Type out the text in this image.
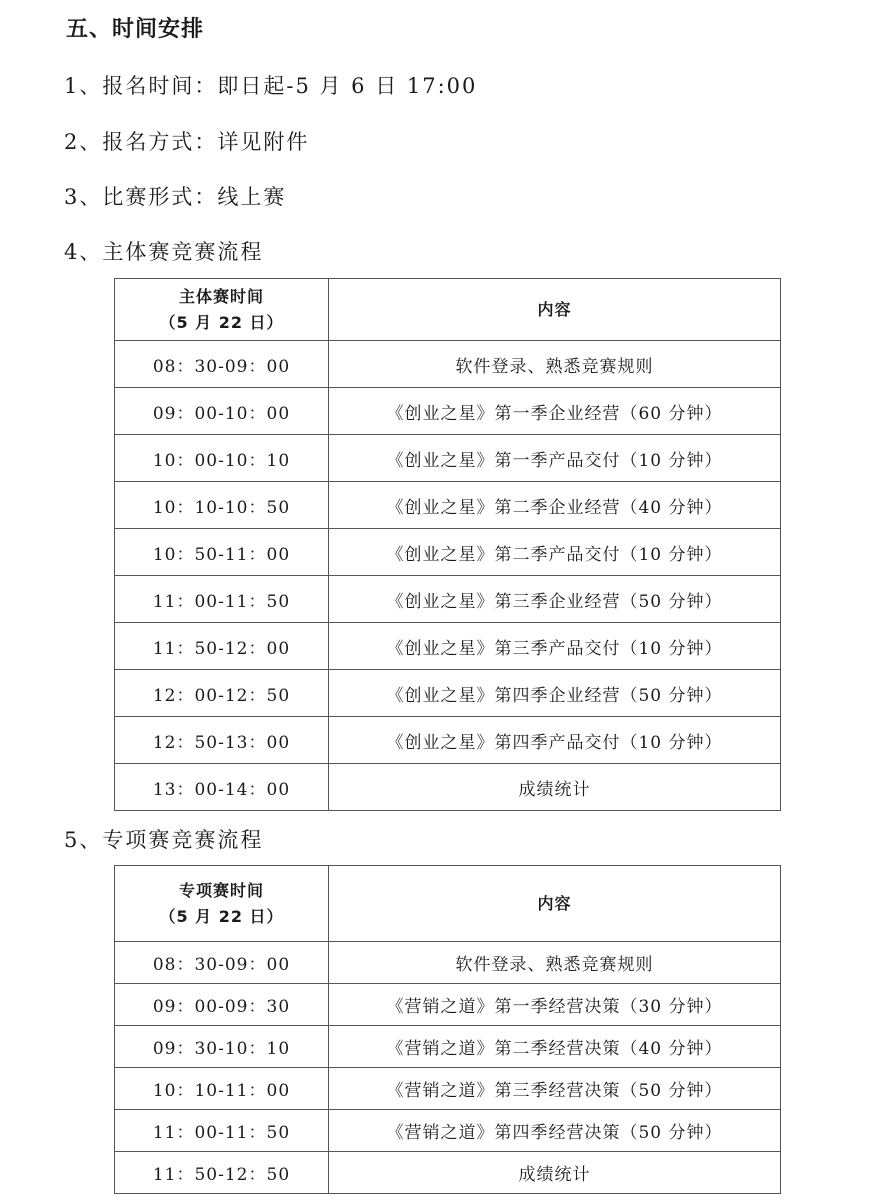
五、时间安排
1、报名时间：即日起-5 月 6 日 17:00
2、报名方式：详见附件
3、比赛形式：线上赛
4、主体赛竞赛流程
主体赛时间
（5 月 22 日）	内容
08：30-09：00	软件登录、熟悉竞赛规则
09：00-10：00	《创业之星》第一季企业经营（60 分钟）
10：00-10：10	《创业之星》第一季产品交付（10 分钟）
10：10-10：50	《创业之星》第二季企业经营（40 分钟）
10：50-11：00	《创业之星》第二季产品交付（10 分钟）
11：00-11：50	《创业之星》第三季企业经营（50 分钟）
11：50-12：00	《创业之星》第三季产品交付（10 分钟）
12：00-12：50	《创业之星》第四季企业经营（50 分钟）
12：50-13：00	《创业之星》第四季产品交付（10 分钟）
13：00-14：00	成绩统计
5、专项赛竞赛流程
专项赛时间
（5 月 22 日）	内容
08：30-09：00	软件登录、熟悉竞赛规则
09：00-09：30	《营销之道》第一季经营决策（30 分钟）
09：30-10：10	《营销之道》第二季经营决策（40 分钟）
10：10-11：00	《营销之道》第三季经营决策（50 分钟）
11：00-11：50	《营销之道》第四季经营决策（50 分钟）
11：50-12：50	成绩统计
